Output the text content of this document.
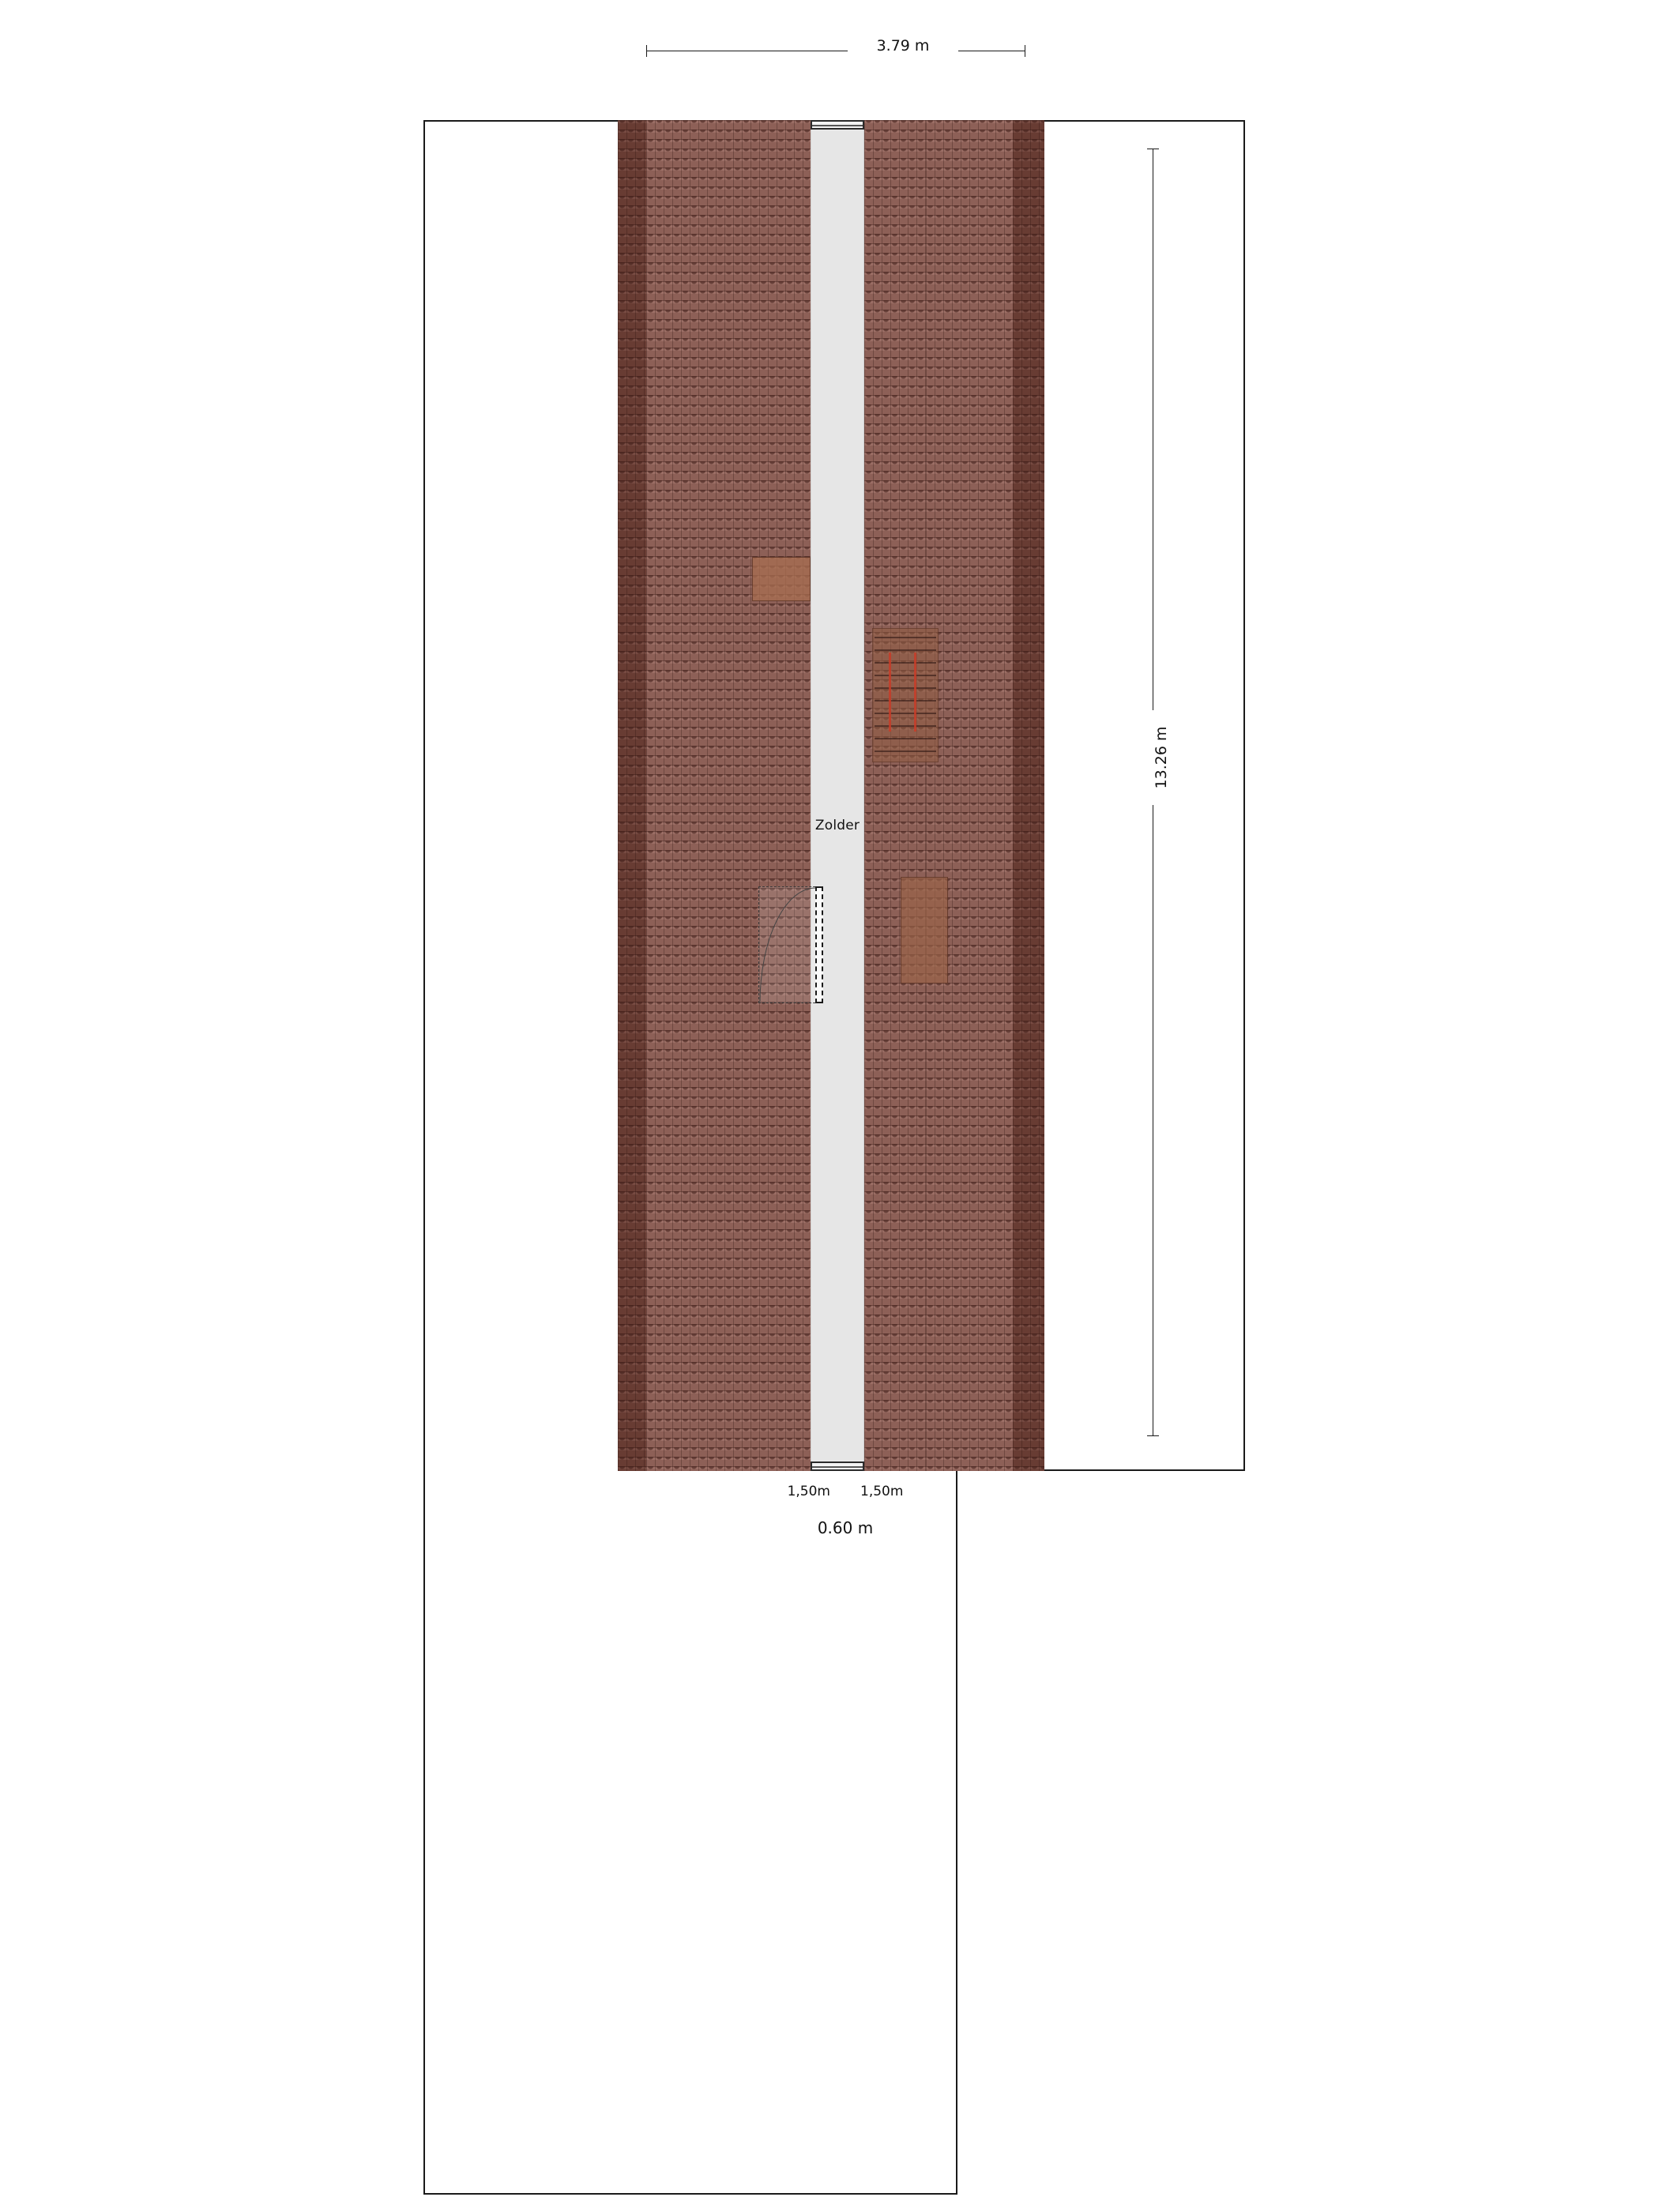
Zolder
3.79 m
13.26 m
1,50m 1,50m
0.60 m
